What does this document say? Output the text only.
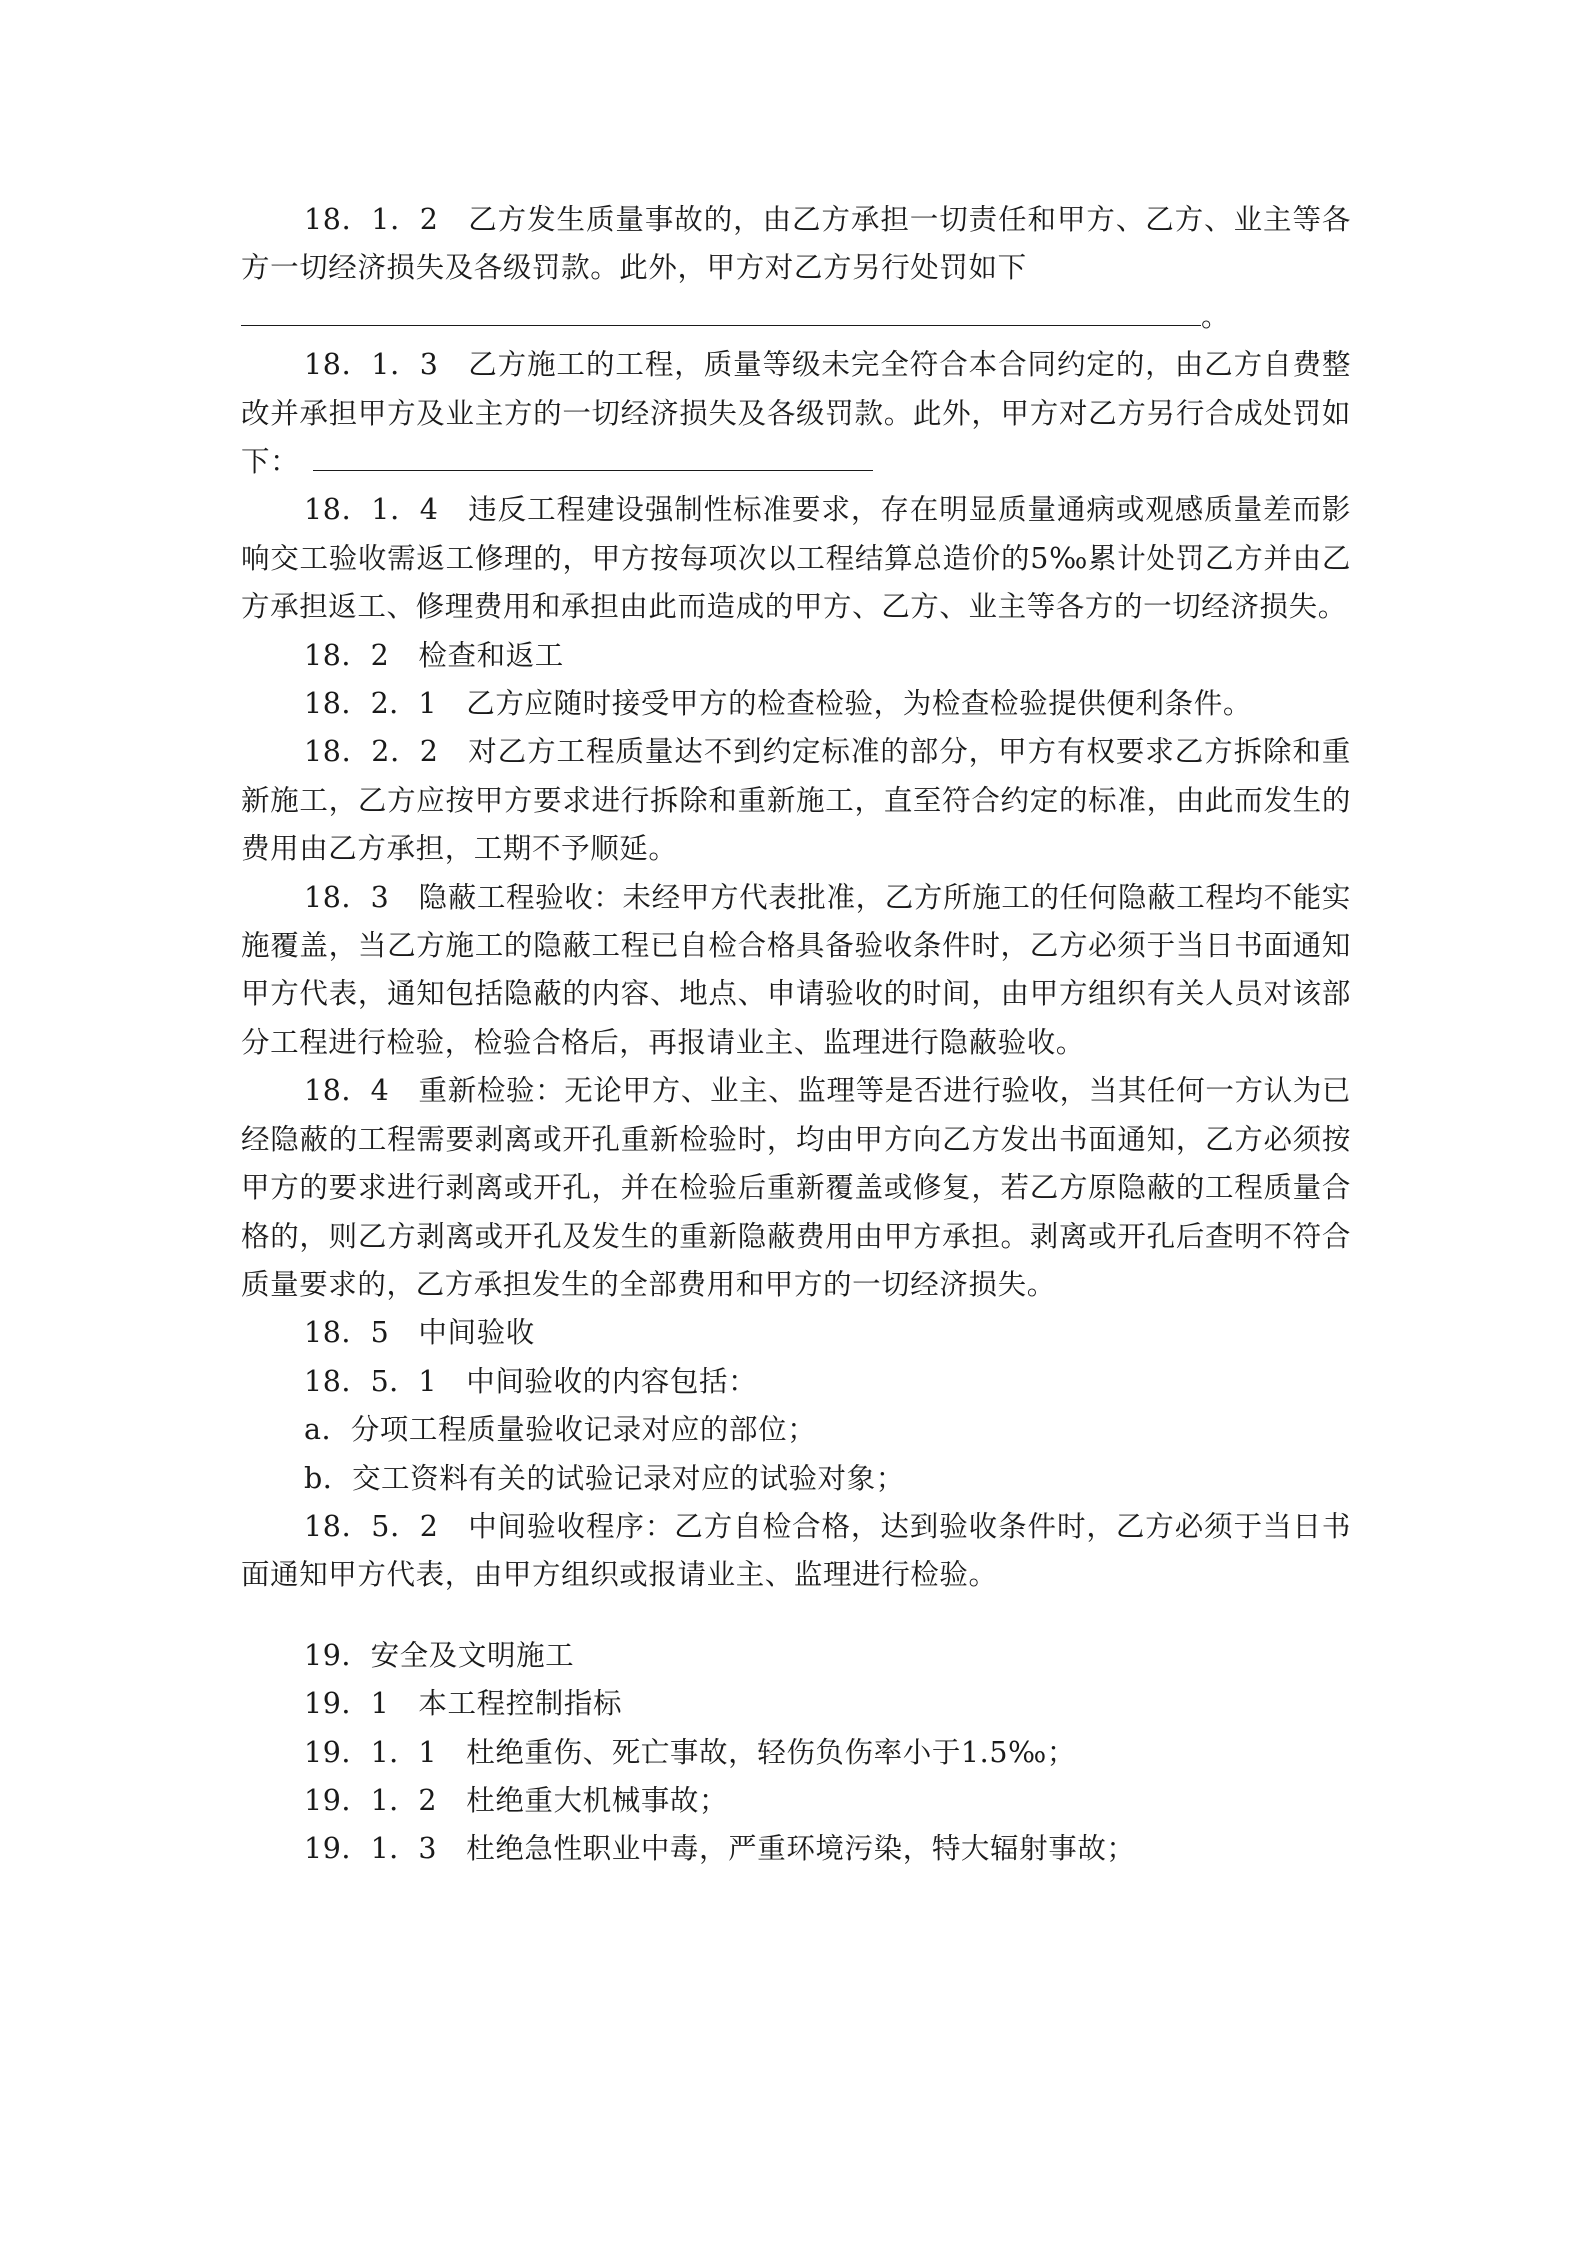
18．1．2　乙方发生质量事故的，由乙方承担一切责任和甲方、乙方、业主等各方一切经济损失及各级罚款。此外，甲方对乙方另行处罚如下

。

18．1．3　乙方施工的工程，质量等级未完全符合本合同约定的，由乙方自费整改并承担甲方及业主方的一切经济损失及各级罚款。此外，甲方对乙方另行合成处罚如下：

18．1．4　违反工程建设强制性标准要求，存在明显质量通病或观感质量差而影响交工验收需返工修理的，甲方按每项次以工程结算总造价的5‰累计处罚乙方并由乙方承担返工、修理费用和承担由此而造成的甲方、乙方、业主等各方的一切经济损失。

18．2　检查和返工

18．2．1　乙方应随时接受甲方的检查检验，为检查检验提供便利条件。

18．2．2　对乙方工程质量达不到约定标准的部分，甲方有权要求乙方拆除和重新施工，乙方应按甲方要求进行拆除和重新施工，直至符合约定的标准，由此而发生的费用由乙方承担，工期不予顺延。

18．3　隐蔽工程验收：未经甲方代表批准，乙方所施工的任何隐蔽工程均不能实施覆盖，当乙方施工的隐蔽工程已自检合格具备验收条件时，乙方必须于当日书面通知甲方代表，通知包括隐蔽的内容、地点、申请验收的时间，由甲方组织有关人员对该部分工程进行检验，检验合格后，再报请业主、监理进行隐蔽验收。

18．4　重新检验：无论甲方、业主、监理等是否进行验收，当其任何一方认为已经隐蔽的工程需要剥离或开孔重新检验时，均由甲方向乙方发出书面通知，乙方必须按甲方的要求进行剥离或开孔，并在检验后重新覆盖或修复，若乙方原隐蔽的工程质量合格的，则乙方剥离或开孔及发生的重新隐蔽费用由甲方承担。剥离或开孔后查明不符合质量要求的，乙方承担发生的全部费用和甲方的一切经济损失。

18．5　中间验收

18．5．1　中间验收的内容包括：

a．分项工程质量验收记录对应的部位；

b．交工资料有关的试验记录对应的试验对象；

18．5．2　中间验收程序：乙方自检合格，达到验收条件时，乙方必须于当日书面通知甲方代表，由甲方组织或报请业主、监理进行检验。

19．安全及文明施工

19．1　本工程控制指标

19．1．1　杜绝重伤、死亡事故，轻伤负伤率小于1.5‰；

19．1．2　杜绝重大机械事故；

19．1．3　杜绝急性职业中毒，严重环境污染，特大辐射事故；
